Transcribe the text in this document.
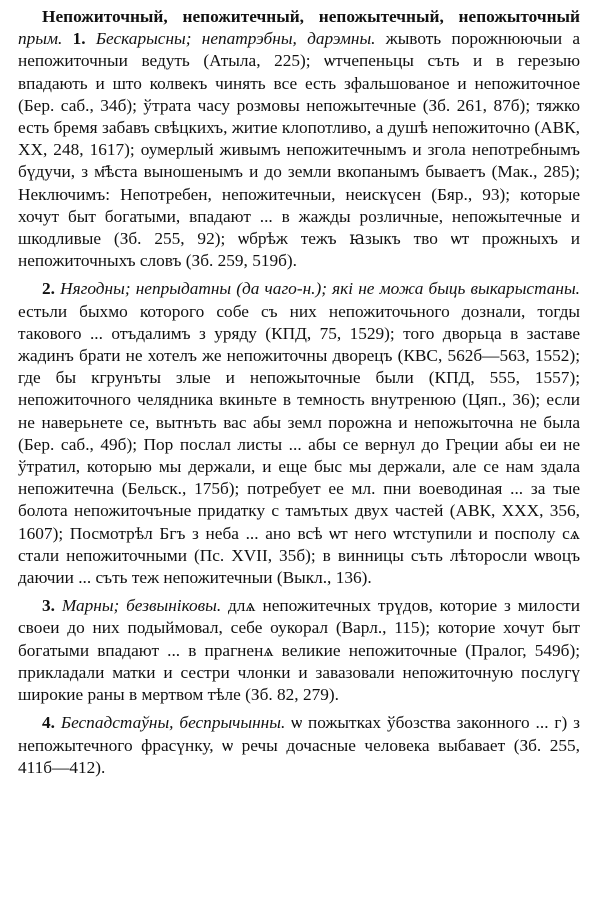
Непожиточный, непожитечный, непожытечный, непожыточный прым. 1. Бескарысны; непатрэбны, дарэмны. жывоть порожнюючыи а непожиточныи ведуть (Атыла, 225); ѡтчепеньцы съть и в герезыю впадають и што колвекъ чинять все есть зфальшованое и непожиточное (Бер. саб., 34б); ўтрата часу розмовы непожытечные (Зб. 261, 87б); тяжко есть бремя забавъ свѣцкихъ, житие клопотливо, а душѣ непожиточно (АВК, XX, 248, 1617); оумерлый живымъ непожитечнымъ и згола непотребнымъ бүдучи, з м҃ѣста выношенымъ и до земли вкопанымъ бываетъ (Мак., 285); Неключимъ: Непотребен, непожитечныи, неискүсен (Бяр., 93); которые хочут быт богатыми, впадают ... в жажды розличные, непожытечные и шкодливые (Зб. 255, 92); ѡбрѣж тежъ ꙗзыкъ тво ѡт прожныхъ и непожиточныхъ словъ (Зб. 259, 519б).

2. Нягодны; непрыдатны (да чаго-н.); які не можа быць выкарыстаны. естьли быхмо которого собе съ них непожиточьного дознали, тогды такового ... отъдалимъ з уряду (КПД, 75, 1529); того дворьца в заставе жадинъ брати не хотелъ же непожиточны дворецъ (КВС, 562б—563, 1552); где бы кгрунъты злые и непожыточные были (КПД, 555, 1557); непожиточного челядника вкиньте в темность внутренюю (Цяп., 36); если не наверьнете се, вытнъть вас абы земл порожна и непожыточна не была (Бер. саб., 49б); Пор послал листы ... абы се вернул до Греции абы еи не ўтратил, которыю мы держали, и еще быс мы держали, але се нам здала непожитечна (Бельск., 175б); потребует ее мл. пни воеводиная ... за тые болота непожиточъные придатку с тамътых двух частей (АВК, XXX, 356, 1607); Посмотрѣл Бгъ з неба ... ано всѣ ѡт него ѡтступили и посполу сѧ стали непожиточными (Пс. XVII, 35б); в винницы съть лѣторосли ѡвоцъ даючии ... съть теж непожитечныи (Выкл., 136).

3. Марны; безвыніковы. длѧ непожитечных трүдов, которие з милости своеи до них подыймовал, себе оукорал (Варл., 115); которие хочут быт богатыми впадают ... в прагненѧ великие непожиточные (Пралог, 549б); прикладали матки и сестри члонки и завазовали непожиточную послугү широкие раны в мертвом тѣле (Зб. 82, 279).

4. Беспадстаўны, беспрычынны. ѡ пожытках ўбозства законного ... г) з непожытечного фрасүнку, ѡ речы дочасные человека выбавает (Зб. 255, 411б—412).
